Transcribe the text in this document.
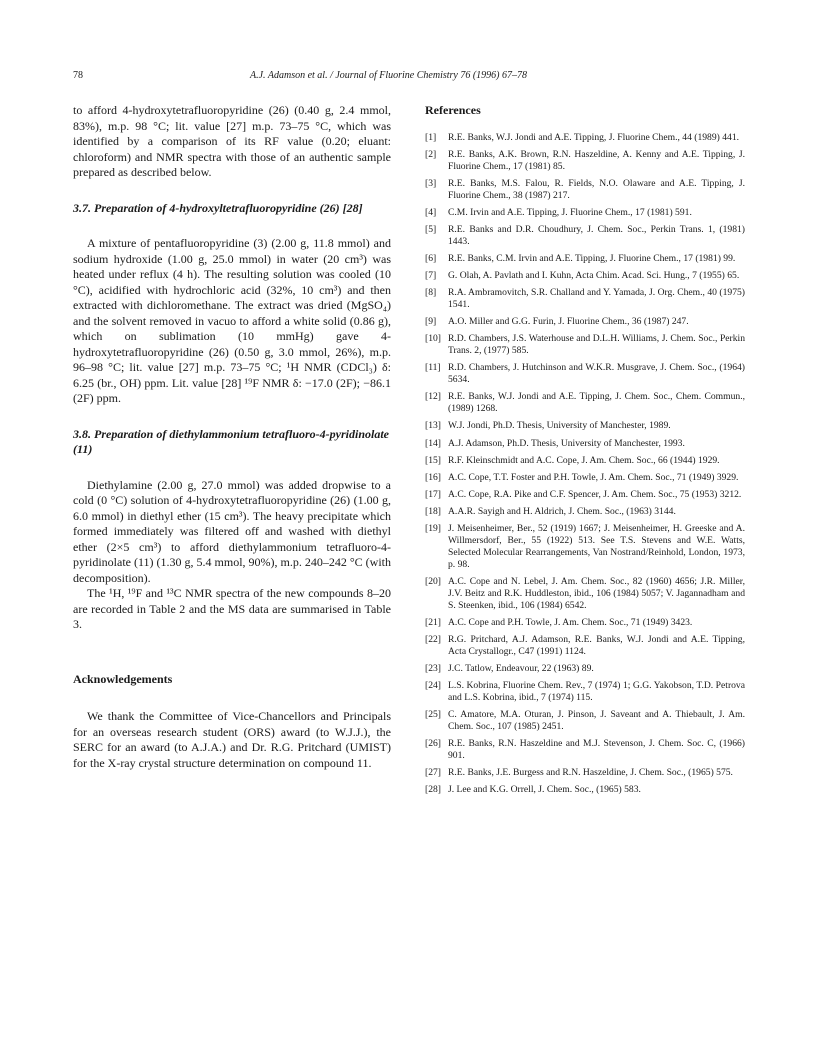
78	A.J. Adamson et al. / Journal of Fluorine Chemistry 76 (1996) 67–78

to afford 4-hydroxytetrafluoropyridine (26) (0.40 g, 2.4 mmol, 83%), m.p. 98 °C; lit. value [27] m.p. 73–75 °C, which was identified by a comparison of its RF value (0.20; eluant: chloroform) and NMR spectra with those of an authentic sample prepared as described below.

3.7. Preparation of 4-hydroxyltetrafluoropyridine (26) [28]

A mixture of pentafluoropyridine (3) (2.00 g, 11.8 mmol) and sodium hydroxide (1.00 g, 25.0 mmol) in water (20 cm³) was heated under reflux (4 h). The resulting solution was cooled (10 °C), acidified with hydrochloric acid (32%, 10 cm³) and then extracted with dichloromethane. The extract was dried (MgSO₄) and the solvent removed in vacuo to afford a white solid (0.86 g), which on sublimation (10 mmHg) gave 4-hydroxytetrafluoropyridine (26) (0.50 g, 3.0 mmol, 26%), m.p. 96–98 °C; lit. value [27] m.p. 73–75 °C; ¹H NMR (CDCl₃) δ: 6.25 (br., OH) ppm. Lit. value [28] ¹⁹F NMR δ: −17.0 (2F); −86.1 (2F) ppm.

3.8. Preparation of diethylammonium tetrafluoro-4-pyridinolate (11)

Diethylamine (2.00 g, 27.0 mmol) was added dropwise to a cold (0 °C) solution of 4-hydroxytetrafluoropyridine (26) (1.00 g, 6.0 mmol) in diethyl ether (15 cm³). The heavy precipitate which formed immediately was filtered off and washed with diethyl ether (2×5 cm³) to afford diethylammonium tetrafluoro-4-pyridinolate (11) (1.30 g, 5.4 mmol, 90%), m.p. 240–242 °C (with decomposition).

The ¹H, ¹⁹F and ¹³C NMR spectra of the new compounds 8–20 are recorded in Table 2 and the MS data are summarised in Table 3.

Acknowledgements

We thank the Committee of Vice-Chancellors and Principals for an overseas research student (ORS) award (to W.J.J.), the SERC for an award (to A.J.A.) and Dr. R.G. Pritchard (UMIST) for the X-ray crystal structure determination on compound 11.

References
[1] R.E. Banks, W.J. Jondi and A.E. Tipping, J. Fluorine Chem., 44 (1989) 441.
[2] R.E. Banks, A.K. Brown, R.N. Haszeldine, A. Kenny and A.E. Tipping, J. Fluorine Chem., 17 (1981) 85.
[3] R.E. Banks, M.S. Falou, R. Fields, N.O. Olaware and A.E. Tipping, J. Fluorine Chem., 38 (1987) 217.
[4] C.M. Irvin and A.E. Tipping, J. Fluorine Chem., 17 (1981) 591.
[5] R.E. Banks and D.R. Choudhury, J. Chem. Soc., Perkin Trans. 1, (1981) 1443.
[6] R.E. Banks, C.M. Irvin and A.E. Tipping, J. Fluorine Chem., 17 (1981) 99.
[7] G. Olah, A. Pavlath and I. Kuhn, Acta Chim. Acad. Sci. Hung., 7 (1955) 65.
[8] R.A. Ambramovitch, S.R. Challand and Y. Yamada, J. Org. Chem., 40 (1975) 1541.
[9] A.O. Miller and G.G. Furin, J. Fluorine Chem., 36 (1987) 247.
[10] R.D. Chambers, J.S. Waterhouse and D.L.H. Williams, J. Chem. Soc., Perkin Trans. 2, (1977) 585.
[11] R.D. Chambers, J. Hutchinson and W.K.R. Musgrave, J. Chem. Soc., (1964) 5634.
[12] R.E. Banks, W.J. Jondi and A.E. Tipping, J. Chem. Soc., Chem. Commun., (1989) 1268.
[13] W.J. Jondi, Ph.D. Thesis, University of Manchester, 1989.
[14] A.J. Adamson, Ph.D. Thesis, University of Manchester, 1993.
[15] R.F. Kleinschmidt and A.C. Cope, J. Am. Chem. Soc., 66 (1944) 1929.
[16] A.C. Cope, T.T. Foster and P.H. Towle, J. Am. Chem. Soc., 71 (1949) 3929.
[17] A.C. Cope, R.A. Pike and C.F. Spencer, J. Am. Chem. Soc., 75 (1953) 3212.
[18] A.A.R. Sayigh and H. Aldrich, J. Chem. Soc., (1963) 3144.
[19] J. Meisenheimer, Ber., 52 (1919) 1667; J. Meisenheimer, H. Greeske and A. Willmersdorf, Ber., 55 (1922) 513. See T.S. Stevens and W.E. Watts, Selected Molecular Rearrangements, Van Nostrand/Reinhold, London, 1973, p. 98.
[20] A.C. Cope and N. Lebel, J. Am. Chem. Soc., 82 (1960) 4656; J.R. Miller, J.V. Beitz and R.K. Huddleston, ibid., 106 (1984) 5057; V. Jagannadham and S. Steenken, ibid., 106 (1984) 6542.
[21] A.C. Cope and P.H. Towle, J. Am. Chem. Soc., 71 (1949) 3423.
[22] R.G. Pritchard, A.J. Adamson, R.E. Banks, W.J. Jondi and A.E. Tipping, Acta Crystallogr., C47 (1991) 1124.
[23] J.C. Tatlow, Endeavour, 22 (1963) 89.
[24] L.S. Kobrina, Fluorine Chem. Rev., 7 (1974) 1; G.G. Yakobson, T.D. Petrova and L.S. Kobrina, ibid., 7 (1974) 115.
[25] C. Amatore, M.A. Oturan, J. Pinson, J. Saveant and A. Thiebault, J. Am. Chem. Soc., 107 (1985) 2451.
[26] R.E. Banks, R.N. Haszeldine and M.J. Stevenson, J. Chem. Soc. C, (1966) 901.
[27] R.E. Banks, J.E. Burgess and R.N. Haszeldine, J. Chem. Soc., (1965) 575.
[28] J. Lee and K.G. Orrell, J. Chem. Soc., (1965) 583.
